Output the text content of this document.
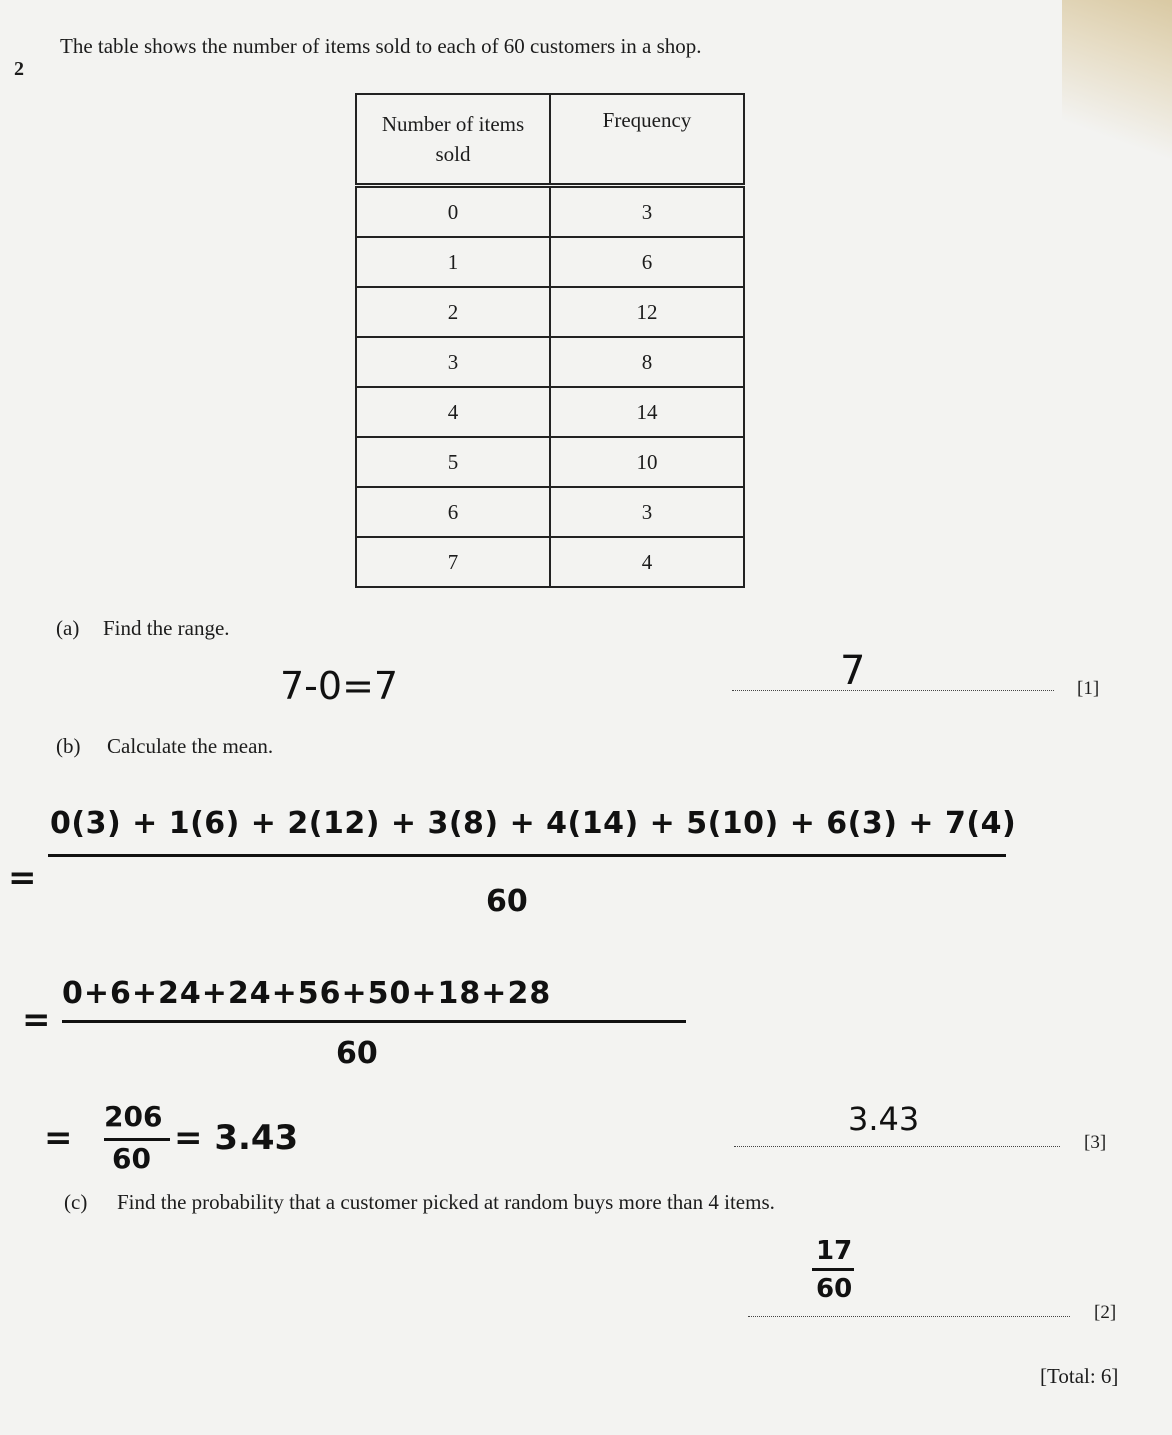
2
The table shows the number of items sold to each of 60 customers in a shop.
Number of items sold	Frequency
0	3
1	6
2	12
3	8
4	14
5	10
6	3
7	4
(a) Find the range.
7-0=7	7	[1]
(b) Calculate the mean.
=
0(3) + 1(6) + 2(12) + 3(8) + 4(14) + 5(10) + 6(3) + 7(4)
60
=
0+6+24+24+56+50+18+28
60
=
206
60
= 3.43	3.43
[3]
(c) Find the probability that a customer picked at random buys more than 4 items.
17
60
[2]
[Total: 6]
